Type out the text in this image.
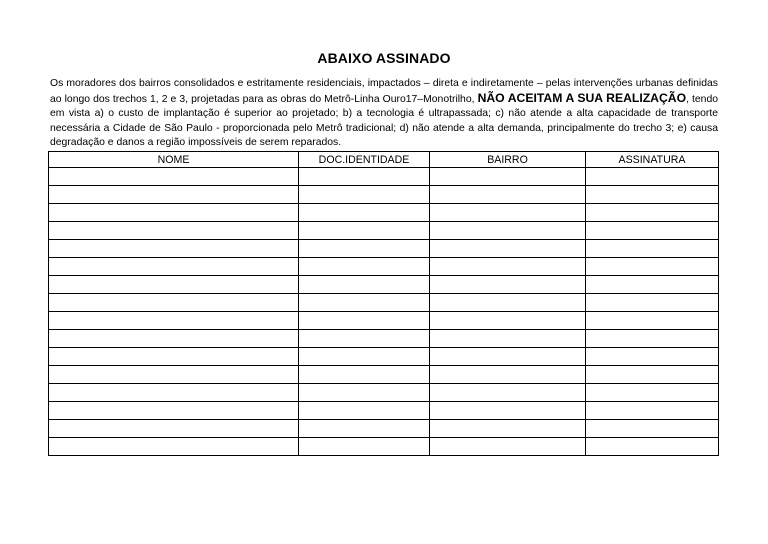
ABAIXO ASSINADO
Os moradores dos bairros consolidados e estritamente residenciais, impactados – direta e indiretamente – pelas intervenções urbanas definidas ao longo dos trechos 1, 2 e 3, projetadas para as obras do Metrô-Linha Ouro17–Monotrilho, NÃO ACEITAM A SUA REALIZAÇÃO, tendo em vista a) o custo de implantação é superior ao projetado; b) a tecnologia é ultrapassada; c) não atende a alta capacidade de transporte necessária a Cidade de São Paulo - proporcionada pelo Metrô tradicional; d) não atende a alta demanda, principalmente do trecho 3; e) causa degradação e danos a região impossíveis de serem reparados.
NOME	DOC.IDENTIDADE	BAIRRO	ASSINATURA
